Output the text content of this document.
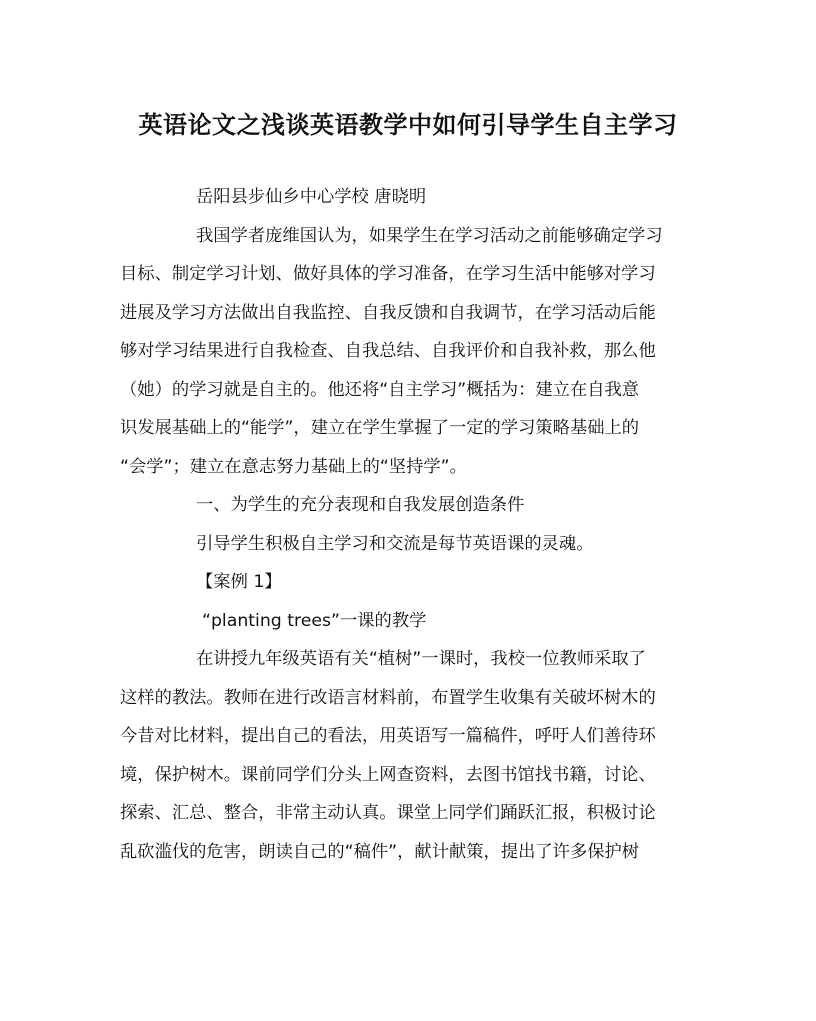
英语论文之浅谈英语教学中如何引导学生自主学习
岳阳县步仙乡中心学校 唐晓明
我国学者庞维国认为，如果学生在学习活动之前能够确定学习
目标、制定学习计划、做好具体的学习准备，在学习生活中能够对学习
进展及学习方法做出自我监控、自我反馈和自我调节，在学习活动后能
够对学习结果进行自我检查、自我总结、自我评价和自我补救，那么他
（她）的学习就是自主的。他还将“自主学习”概括为：建立在自我意
识发展基础上的“能学”，建立在学生掌握了一定的学习策略基础上的
“会学”；建立在意志努力基础上的“坚持学”。
一、为学生的充分表现和自我发展创造条件
引导学生积极自主学习和交流是每节英语课的灵魂。
【案例 1】
“planting trees”一课的教学
在讲授九年级英语有关“植树”一课时，我校一位教师采取了
这样的教法。教师在进行改语言材料前，布置学生收集有关破坏树木的
今昔对比材料，提出自己的看法，用英语写一篇稿件，呼吁人们善待环
境，保护树木。课前同学们分头上网查资料，去图书馆找书籍，讨论、
探索、汇总、整合，非常主动认真。课堂上同学们踊跃汇报，积极讨论
乱砍滥伐的危害，朗读自己的“稿件”，献计献策，提出了许多保护树
